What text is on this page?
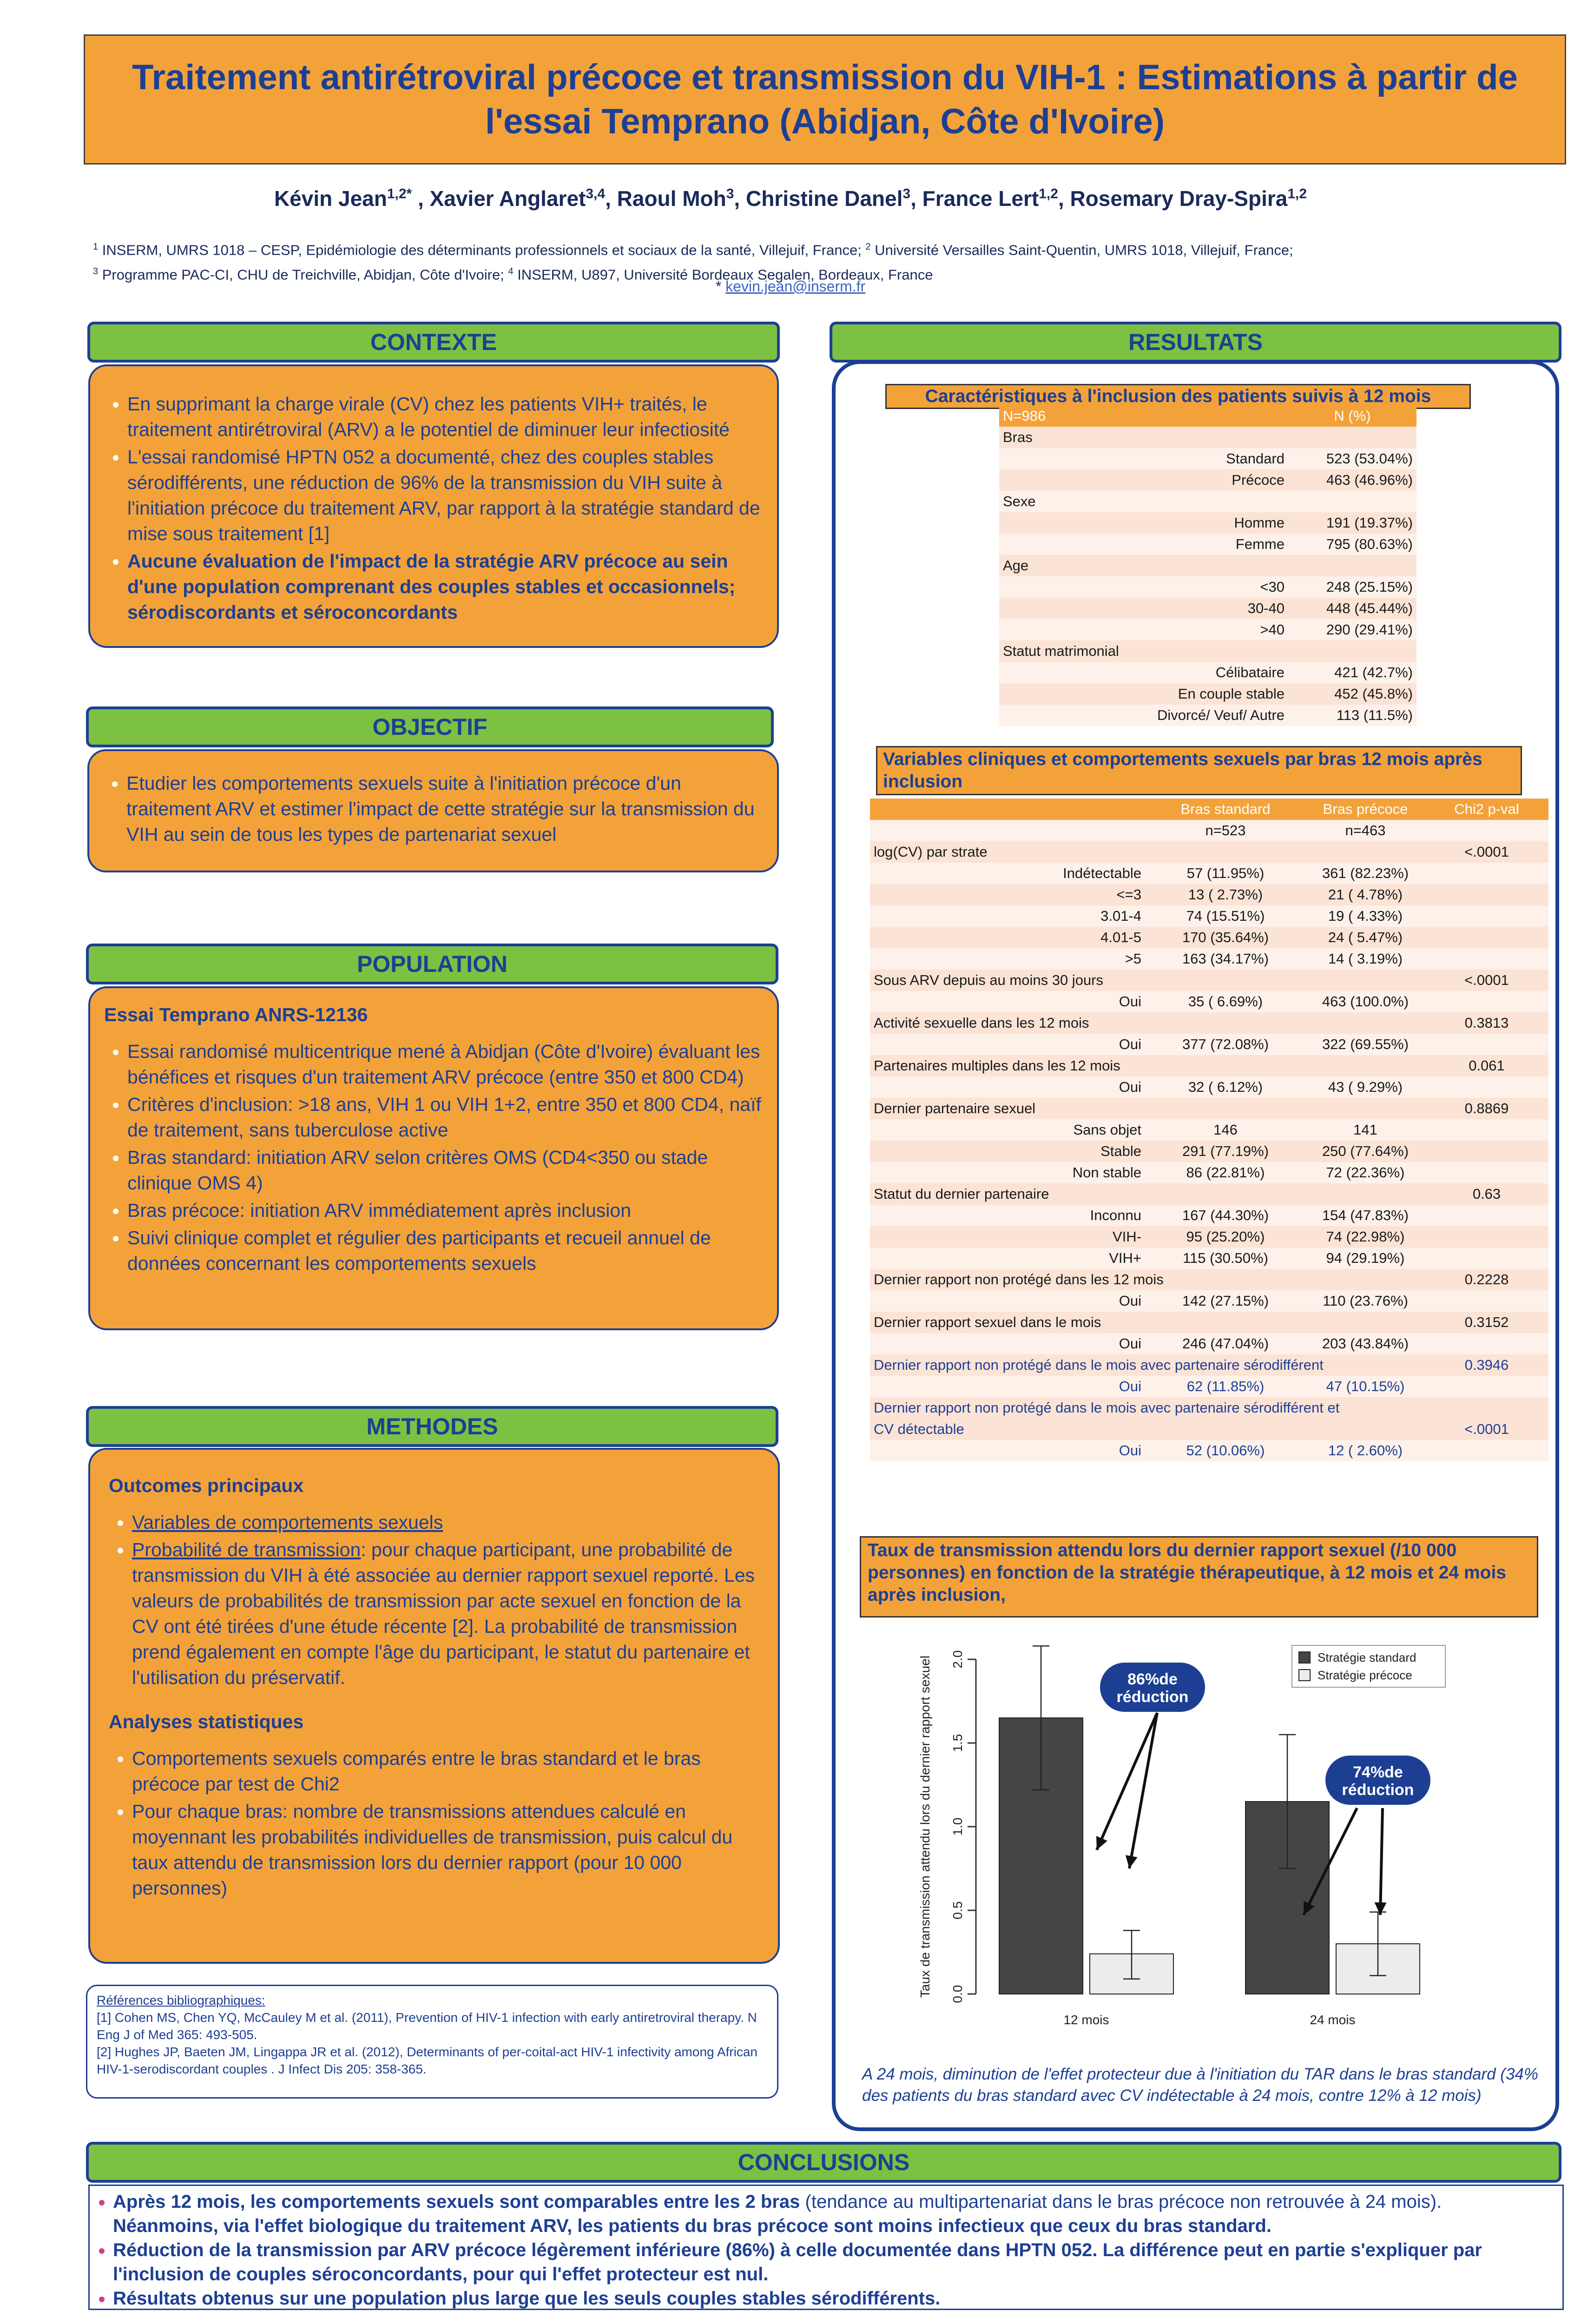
Traitement antirétroviral précoce et transmission du VIH-1 : Estimations à partir de l'essai Temprano (Abidjan, Côte d'Ivoire)
Kévin Jean$^{1,2*}$ , Xavier Anglaret$^{3,4}$, Raoul Moh$^3$, Christine Danel$^3$, France Lert$^{1,2}$, Rosemary Dray-Spira$^{1,2}$
$^1$ INSERM, UMRS 1018 – CESP, Epidémiologie des déterminants professionnels et sociaux de la santé, Villejuif, France; $^2$ Université Versailles Saint-Quentin, UMRS 1018, Villejuif, France;
$^3$ Programme PAC-CI, CHU de Treichville, Abidjan, Côte d'Ivoire; $^4$ INSERM, U897, Université Bordeaux Segalen, Bordeaux, France
* kevin.jean@inserm.fr
CONTEXTE
• En supprimant la charge virale (CV) chez les patients VIH+ traités, le traitement antirétroviral (ARV) a le potentiel de diminuer leur infectiosité
• L'essai randomisé HPTN 052 a documenté, chez des couples stables sérodifférents, une réduction de 96% de la transmission du VIH suite à l'initiation précoce du traitement ARV, par rapport à la stratégie standard de mise sous traitement [1]
• Aucune évaluation de l'impact de la stratégie ARV précoce au sein d'une population comprenant des couples stables et occasionnels; sérodiscordants et séroconcordants
OBJECTIF
• Etudier les comportements sexuels suite à l'initiation précoce d'un traitement ARV et estimer l'impact de cette stratégie sur la transmission du VIH au sein de tous les types de partenariat sexuel
POPULATION
Essai Temprano ANRS-12136
• Essai randomisé multicentrique mené à Abidjan (Côte d'Ivoire) évaluant les bénéfices et risques d'un traitement ARV précoce (entre 350 et 800 CD4)
• Critères d'inclusion: >18 ans, VIH 1 ou VIH 1+2, entre 350 et 800 CD4, naïf de traitement, sans tuberculose active
• Bras standard: initiation ARV selon critères OMS (CD4<350 ou stade clinique OMS 4)
• Bras précoce: initiation ARV immédiatement après inclusion
• Suivi clinique complet et régulier des participants et recueil annuel de données concernant les comportements sexuels
METHODES
Outcomes principaux
• Variables de comportements sexuels
• Probabilité de transmission: pour chaque participant, une probabilité de transmission du VIH à été associée au dernier rapport sexuel reporté. Les valeurs de probabilités de transmission par acte sexuel en fonction de la CV ont été tirées d'une étude récente [2]. La probabilité de transmission prend également en compte l'âge du participant, le statut du partenaire et l'utilisation du préservatif.
Analyses statistiques
• Comportements sexuels comparés entre le bras standard et le bras précoce par test de Chi2
• Pour chaque bras: nombre de transmissions attendues calculé en moyennant les probabilités individuelles de transmission, puis calcul du taux attendu de transmission lors du dernier rapport (pour 10 000 personnes)
Références bibliographiques:
[1] Cohen MS, Chen YQ, McCauley M et al. (2011), Prevention of HIV-1 infection with early antiretroviral therapy. N Eng J of Med 365: 493-505.
[2] Hughes JP, Baeten JM, Lingappa JR et al. (2012), Determinants of per-coital-act HIV-1 infectivity among African HIV-1-serodiscordant couples . J Infect Dis 205: 358-365.
RESULTATS
Caractéristiques à l'inclusion des patients suivis à 12 mois
N=986		N (%)
Bras		
	Standard	523 (53.04%)
	Précoce	463 (46.96%)
Sexe		
	Homme	191 (19.37%)
	Femme	795 (80.63%)
Age		
	<30	248 (25.15%)
	30-40	448 (45.44%)
	>40	290 (29.41%)
Statut matrimonial		
	Célibataire	421 (42.7%)
	En couple stable	452 (45.8%)
	Divorcé/ Veuf/ Autre	113 (11.5%)
Variables cliniques et comportements sexuels par bras 12 mois après inclusion
		Bras standard	Bras précoce	Chi2 p-val
		n=523	n=463	
log(CV) par strate				<.0001
	Indétectable	57 (11.95%)	361 (82.23%)	
	<=3	13 ( 2.73%)	21 ( 4.78%)	
	3.01-4	74 (15.51%)	19 ( 4.33%)	
	4.01-5	170 (35.64%)	24 ( 5.47%)	
	>5	163 (34.17%)	14 ( 3.19%)	
Sous ARV depuis au moins 30 jours				<.0001
	Oui	35 ( 6.69%)	463 (100.0%)	
Activité sexuelle dans les 12 mois				0.3813
	Oui	377 (72.08%)	322 (69.55%)	
Partenaires multiples dans les 12 mois				0.061
	Oui	32 ( 6.12%)	43 ( 9.29%)	
Dernier partenaire sexuel				0.8869
	Sans objet	146	141	
	Stable	291 (77.19%)	250 (77.64%)	
	Non stable	86 (22.81%)	72 (22.36%)	
Statut du dernier partenaire				0.63
	Inconnu	167 (44.30%)	154 (47.83%)	
	VIH-	95 (25.20%)	74 (22.98%)	
	VIH+	115 (30.50%)	94 (29.19%)	
Dernier rapport non protégé dans les 12 mois				0.2228
	Oui	142 (27.15%)	110 (23.76%)	
Dernier rapport sexuel dans le mois				0.3152
	Oui	246 (47.04%)	203 (43.84%)	
Dernier rapport non protégé dans le mois avec partenaire sérodifférent				0.3946
	Oui	62 (11.85%)	47 (10.15%)	
Dernier rapport non protégé dans le mois avec partenaire sérodifférent et				
CV détectable				<.0001
	Oui	52 (10.06%)	12 ( 2.60%)	
Taux de transmission attendu lors du dernier rapport sexuel (/10 000 personnes) en fonction de la stratégie thérapeutique, à 12 mois et 24 mois après inclusion,
0.0
0.5
1.0
1.5
2.0
Taux de transmission attendu lors du dernier rapport sexuel
12 mois	24 mois
Stratégie standard
Stratégie précoce
86%de
réduction
74%de
réduction
A 24 mois, diminution de l'effet protecteur due à l'initiation du TAR dans le bras standard (34% des patients du bras standard avec CV indétectable à 24 mois, contre 12% à 12 mois)
CONCLUSIONS
• Après 12 mois, les comportements sexuels sont comparables entre les 2 bras (tendance au multipartenariat dans le bras précoce non retrouvée à 24 mois).
Néanmoins, via l'effet biologique du traitement ARV, les patients du bras précoce sont moins infectieux que ceux du bras standard.
• Réduction de la transmission par ARV précoce légèrement inférieure (86%) à celle documentée dans HPTN 052. La différence peut en partie s'expliquer par l'inclusion de couples séroconcordants, pour qui l'effet protecteur est nul.
• Résultats obtenus sur une population plus large que les seuls couples stables sérodifférents.
